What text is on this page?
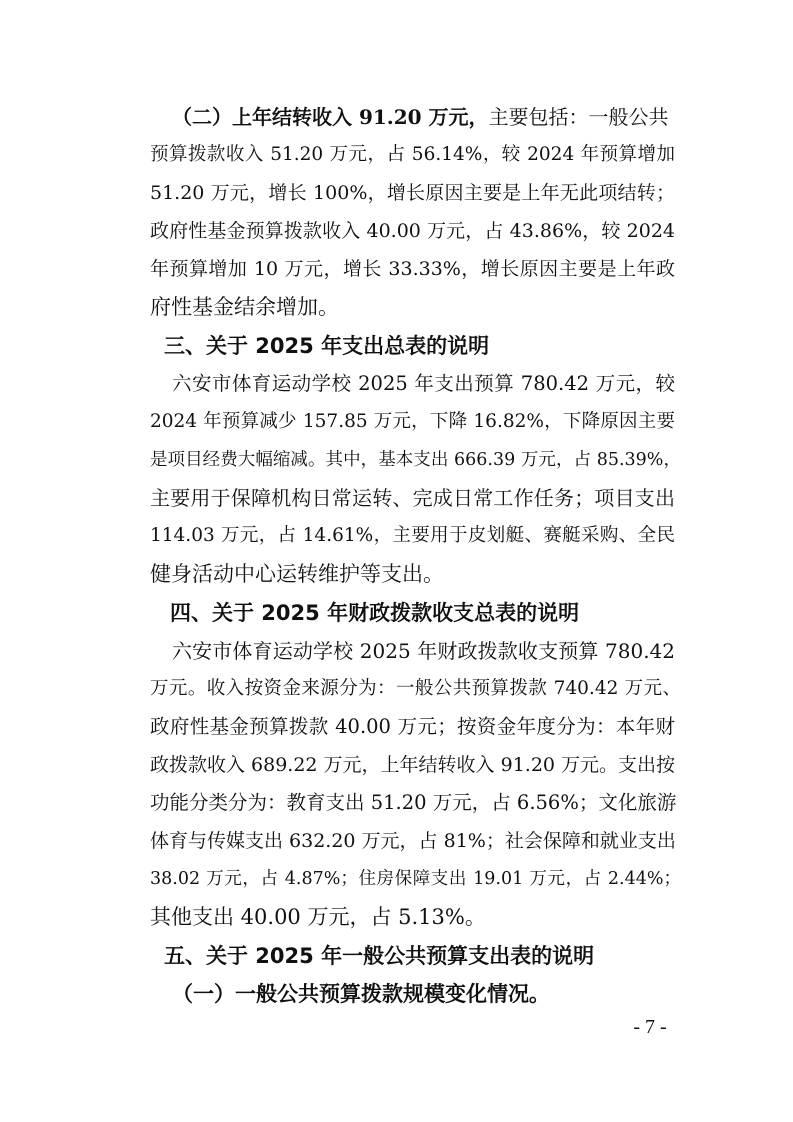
（二）上年结转收入 91.20 万元，主要包括：一般公共
预算拨款收入 51.20 万元，占 56.14%，较 2024 年预算增加
51.20 万元，增长 100%，增长原因主要是上年无此项结转；
政府性基金预算拨款收入 40.00 万元，占 43.86%，较 2024
年预算增加 10 万元，增长 33.33%，增长原因主要是上年政
府性基金结余增加。
三、关于 2025 年支出总表的说明
六安市体育运动学校 2025 年支出预算 780.42 万元，较
2024 年预算减少 157.85 万元，下降 16.82%，下降原因主要
是项目经费大幅缩减。其中，基本支出 666.39 万元，占 85.39%，
主要用于保障机构日常运转、完成日常工作任务；项目支出
114.03 万元，占 14.61%，主要用于皮划艇、赛艇采购、全民
健身活动中心运转维护等支出。
四、关于 2025 年财政拨款收支总表的说明
六安市体育运动学校 2025 年财政拨款收支预算 780.42
万元。收入按资金来源分为：一般公共预算拨款 740.42 万元、
政府性基金预算拨款 40.00 万元；按资金年度分为：本年财
政拨款收入 689.22 万元，上年结转收入 91.20 万元。支出按
功能分类分为：教育支出 51.20 万元，占 6.56%；文化旅游
体育与传媒支出 632.20 万元，占 81%；社会保障和就业支出
38.02 万元，占 4.87%；住房保障支出 19.01 万元，占 2.44%；
其他支出 40.00 万元，占 5.13%。
五、关于 2025 年一般公共预算支出表的说明
（一）一般公共预算拨款规模变化情况。
- 7 -
